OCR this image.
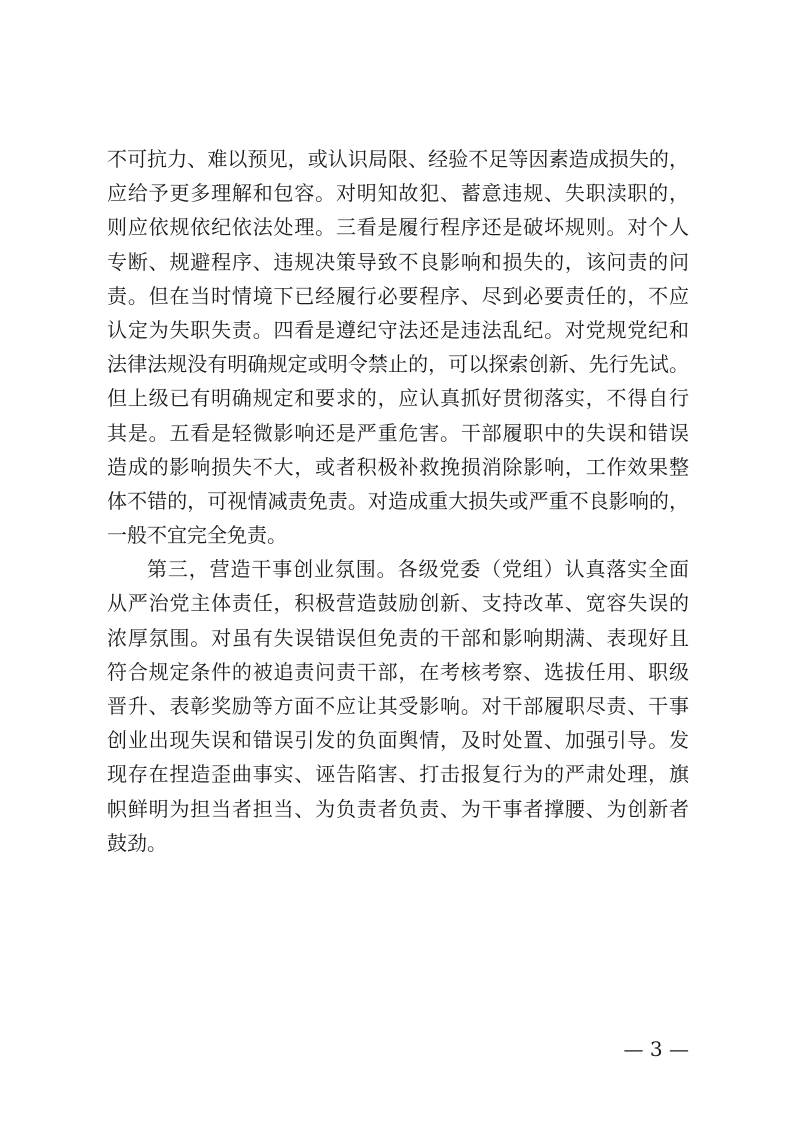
不可抗力、难以预见，或认识局限、经验不足等因素造成损失的，
应给予更多理解和包容。对明知故犯、蓄意违规、失职渎职的，
则应依规依纪依法处理。三看是履行程序还是破坏规则。对个人
专断、规避程序、违规决策导致不良影响和损失的，该问责的问
责。但在当时情境下已经履行必要程序、尽到必要责任的，不应
认定为失职失责。四看是遵纪守法还是违法乱纪。对党规党纪和
法律法规没有明确规定或明令禁止的，可以探索创新、先行先试。
但上级已有明确规定和要求的，应认真抓好贯彻落实，不得自行
其是。五看是轻微影响还是严重危害。干部履职中的失误和错误
造成的影响损失不大，或者积极补救挽损消除影响，工作效果整
体不错的，可视情减责免责。对造成重大损失或严重不良影响的，
一般不宜完全免责。
第三，营造干事创业氛围。各级党委（党组）认真落实全面
从严治党主体责任，积极营造鼓励创新、支持改革、宽容失误的
浓厚氛围。对虽有失误错误但免责的干部和影响期满、表现好且
符合规定条件的被追责问责干部，在考核考察、选拔任用、职级
晋升、表彰奖励等方面不应让其受影响。对干部履职尽责、干事
创业出现失误和错误引发的负面舆情，及时处置、加强引导。发
现存在捏造歪曲事实、诬告陷害、打击报复行为的严肃处理，旗
帜鲜明为担当者担当、为负责者负责、为干事者撑腰、为创新者
鼓劲。
— 3 —
